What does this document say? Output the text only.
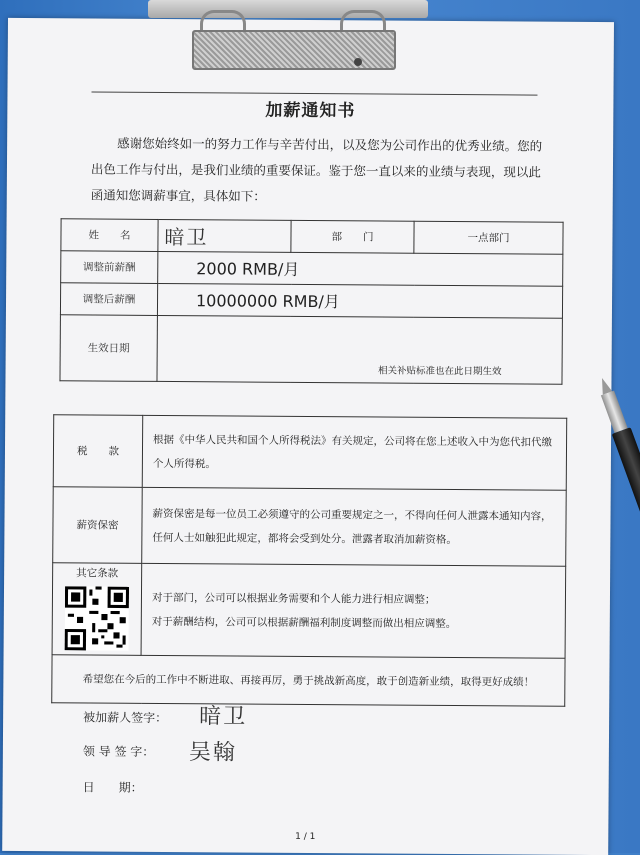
加薪通知书
感谢您始终如一的努力工作与辛苦付出，以及您为公司作出的优秀业绩。您的
出色工作与付出，是我们业绩的重要保证。鉴于您一直以来的业绩与表现，现以此
函通知您调薪事宜，具体如下：
姓　　名	暗卫	部　　门	一点部门
调整前薪酬	2000 RMB/月		
调整后薪酬	10000000 RMB/月		
生效日期	相关补贴标准也在此日期生效		
税　　款	根据《中华人民共和国个人所得税法》有关规定，公司将在您上述收入中为您代扣代缴个人所得税。
薪资保密	薪资保密是每一位员工必须遵守的公司重要规定之一，不得向任何人泄露本通知内容，任何人士如触犯此规定，都将会受到处分。泄露者取消加薪资格。

其它条款	对于部门，公司可以根据业务需要和个人能力进行相应调整；
对于薪酬结构，公司可以根据薪酬福利制度调整而做出相应调整。

希望您在今后的工作中不断进取、再接再厉，勇于挑战新高度，敢于创造新业绩，取得更好成绩！	
被加薪人签字： 暗卫
领 导 签 字： 吴翰
日　　期：
1 / 1
